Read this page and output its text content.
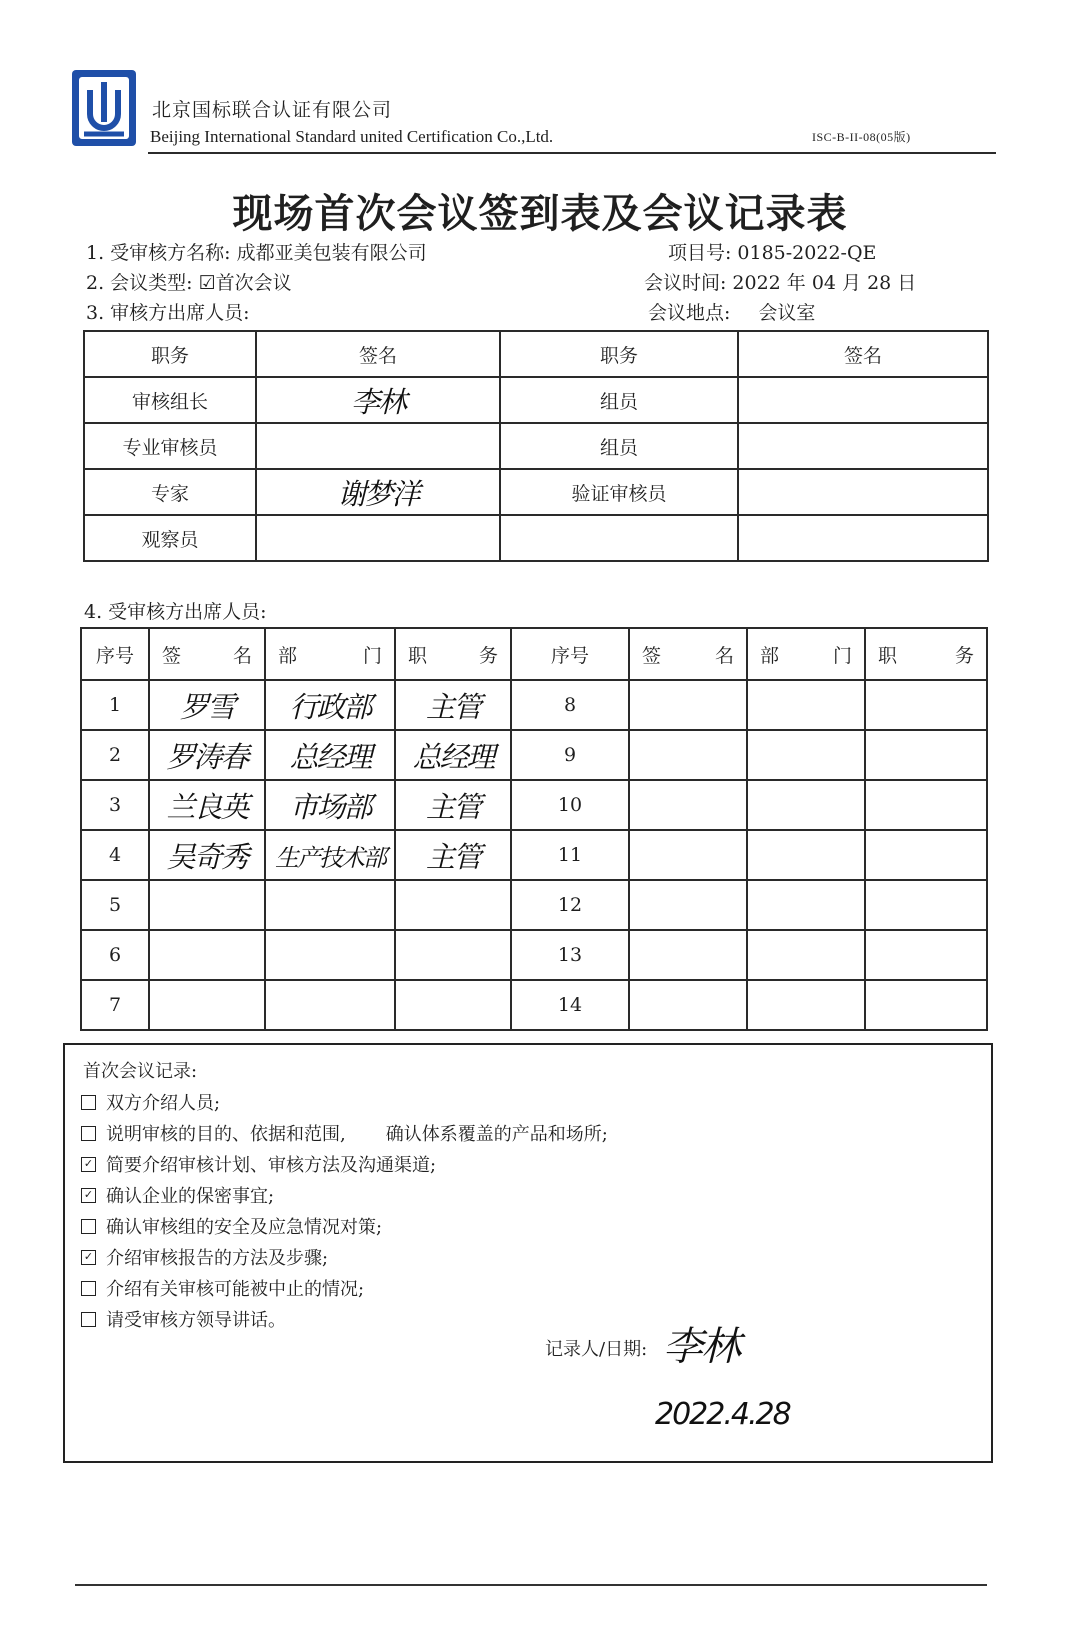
北京国标联合认证有限公司
Beijing International Standard united Certification Co.,Ltd.	ISC-B-II-08(05版)
现场首次会议签到表及会议记录表
1. 受审核方名称: 成都亚美包装有限公司	项目号: 0185-2022-QE
2. 会议类型: ☑首次会议	会议时间: 2022 年 04 月 28 日
3. 审核方出席人员:	会议地点: 会议室
职务	签名	职务	签名
审核组长	李林	组员	
专业审核员		组员	
专家	谢梦洋	验证审核员	
观察员			
4. 受审核方出席人员:
序号	签 名	部 门	职 务	序号	签 名	部 门	职 务

1	罗雪	行政部	主管	8			
2	罗涛春	总经理	总经理	9			
3	兰良英	市场部	主管	10			
4	吴奇秀	生产技术部	主管	11			
5				12			
6				13			
7				14			
首次会议记录:
双方介绍人员;
说明审核的目的、依据和范围, 确认体系覆盖的产品和场所;
✓ 简要介绍审核计划、审核方法及沟通渠道;
✓ 确认企业的保密事宜;
确认审核组的安全及应急情况对策;
✓ 介绍审核报告的方法及步骤;
介绍有关审核可能被中止的情况;
请受审核方领导讲话。
记录人/日期: 李林
2022.4.28
